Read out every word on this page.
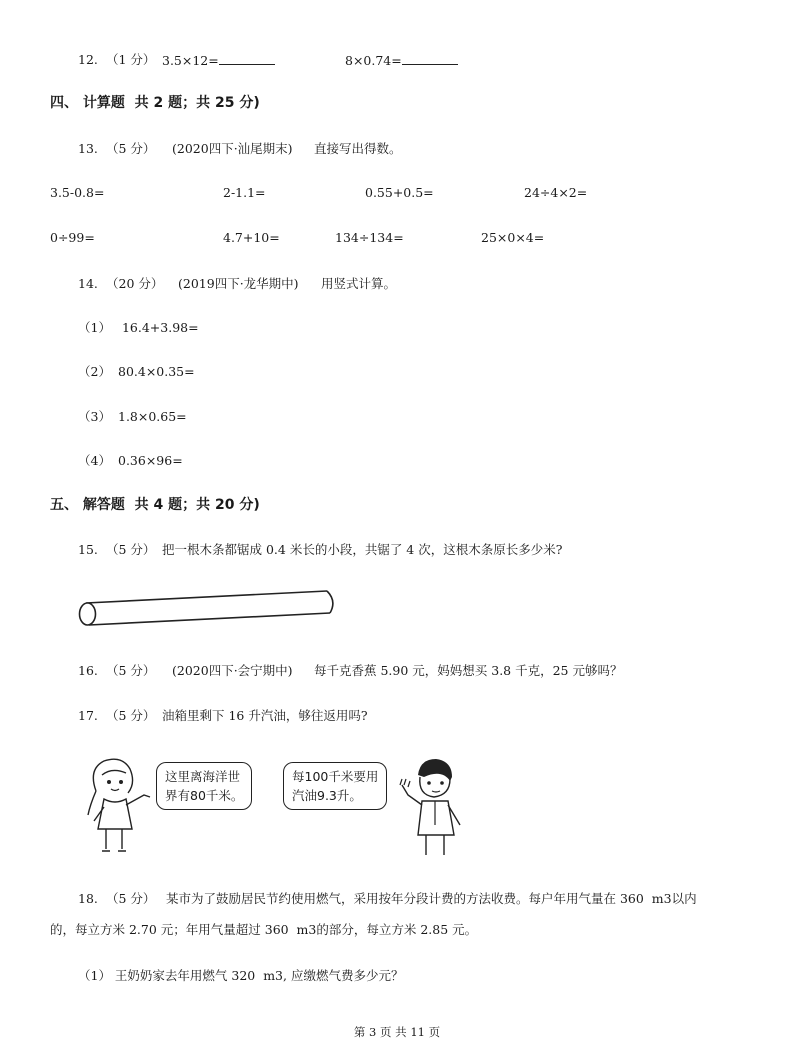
12. （1 分） 3.5×12=	8×0.74=
四、 计算题  共 2 题；共 25 分)
13. （5 分） (2020四下·汕尾期末) 直接写出得数。
3.5-0.8=	2-1.1=	0.55+0.5=	24÷4×2=
0÷99=	4.7+10=	134÷134=	25×0×4=
14. （20 分） (2019四下·龙华期中) 用竖式计算。
（1） 16.4+3.98=
（2） 80.4×0.35=
（3） 1.8×0.65=
（4） 0.36×96=
五、 解答题  共 4 题；共 20 分)
15. （5 分） 把一根木条都锯成 0.4 米长的小段，共锯了 4 次，这根木条原长多少米?
16. （5 分） (2020四下·会宁期中) 每千克香蕉 5.90 元，妈妈想买 3.8 千克，25 元够吗？
17. （5 分） 油箱里剩下 16 升汽油，够往返用吗?
这里离海洋世
界有80千米。
每100千米要用
汽油9.3升。
18. （5 分） 某市为了鼓励居民节约使用燃气，采用按年分段计费的方法收费。每户年用气量在 360  m3以内
的，每立方米 2.70 元；年用气量超过 360  m3的部分，每立方米 2.85 元。
（1） 王奶奶家去年用燃气 320  m3, 应缴燃气费多少元？
第 3 页 共 11 页
